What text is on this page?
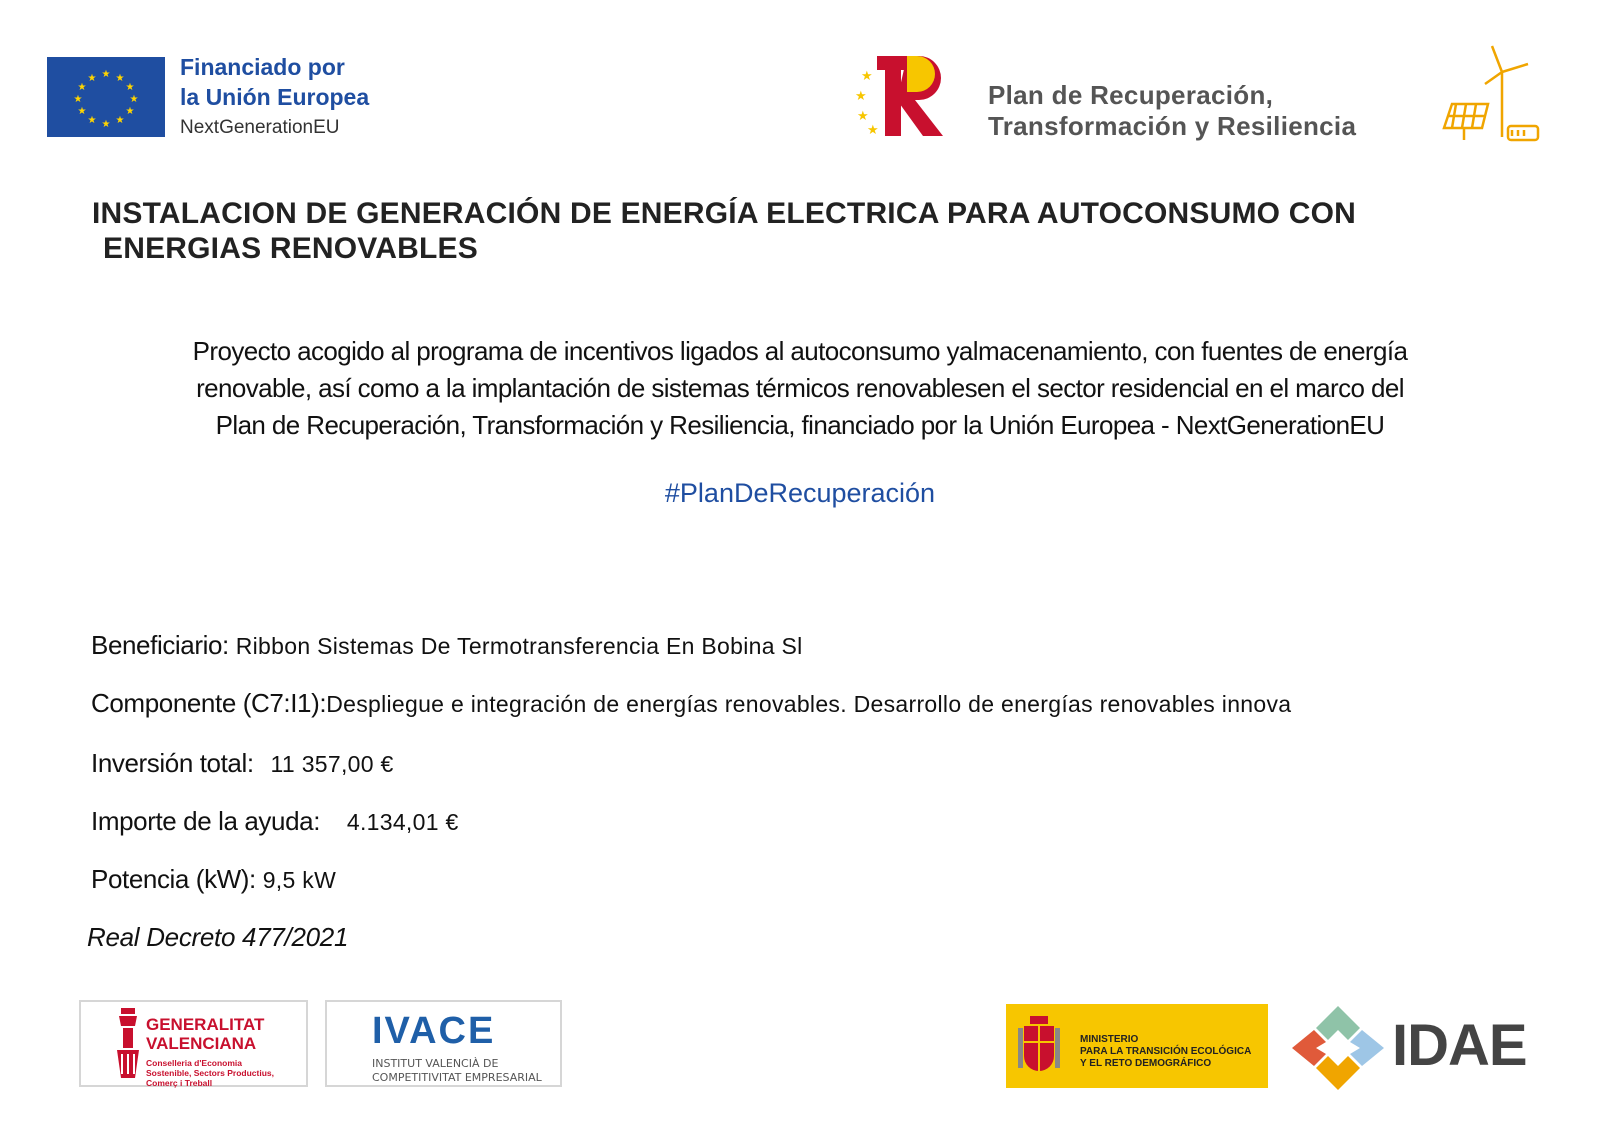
★ ★
★
★
★
★
★
★
★
★
★
★	Financiado por
la Unión Europea
NextGenerationEU
★
★
★
★
Plan de Recuperación,
Transformación y Resiliencia
INSTALACION DE GENERACIÓN DE ENERGÍA ELECTRICA PARA AUTOCONSUMO CON
ENERGIAS RENOVABLES
Proyecto acogido al programa de incentivos ligados al autoconsumo yalmacenamiento, con fuentes de energía
renovable, así como a la implantación de sistemas térmicos renovablesen el sector residencial en el marco del
Plan de Recuperación, Transformación y Resiliencia, financiado por la Unión Europea - NextGenerationEU
#PlanDeRecuperación
Beneficiario: Ribbon Sistemas De Termotransferencia En Bobina Sl
Componente (C7:I1):Despliegue e integración de energías renovables. Desarrollo de energías renovables innova
Inversión total: 11 357,00 €
Importe de la ayuda: 4.134,01 €
Potencia (kW): 9,5 kW
Real Decreto 477/2021
GENERALITAT
VALENCIANA
Conselleria d'Economia
Sostenible, Sectors Productius,
Comerç i Treball
IVACE
INSTITUT VALENCIÀ DE
COMPETITIVITAT EMPRESARIAL
MINISTERIO
PARA LA TRANSICIÓN ECOLÓGICA
Y EL RETO DEMOGRÁFICO	IDAE
